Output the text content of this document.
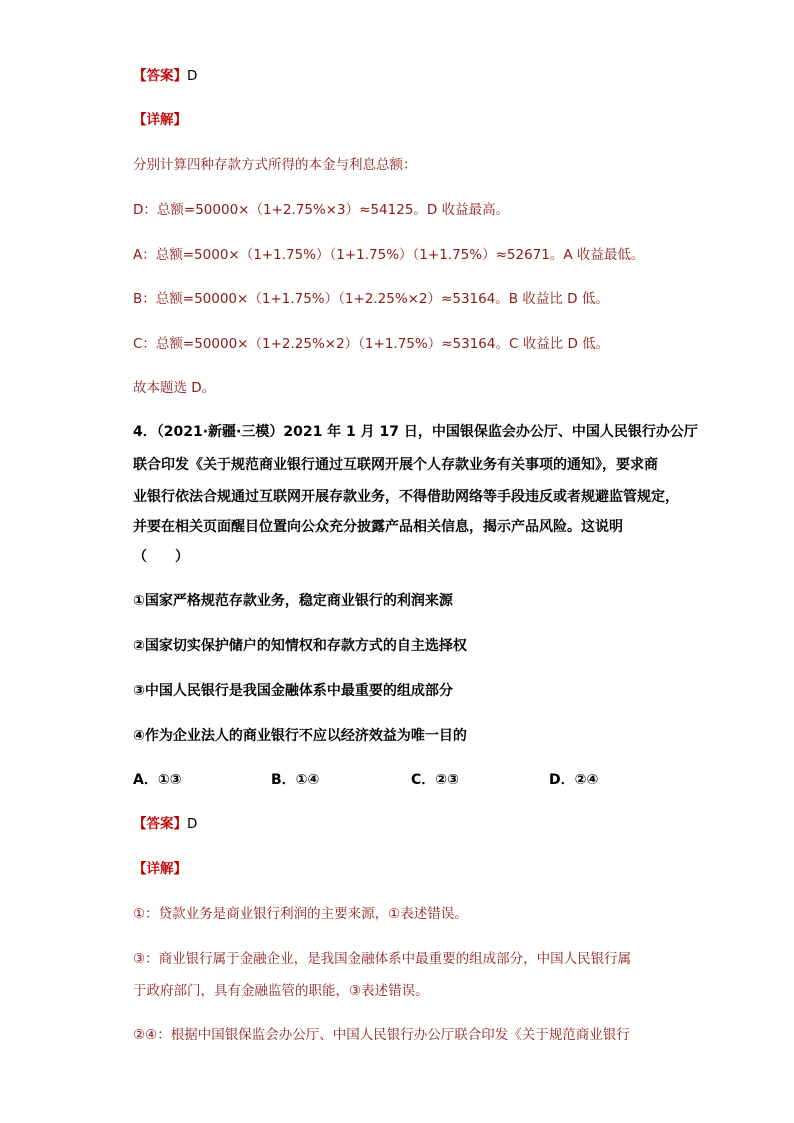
【答案】D
【详解】
分别计算四种存款方式所得的本金与利息总额：
D：总额=50000×（1+2.75%×3）≈54125。D 收益最高。
A：总额=5000×（1+1.75%）（1+1.75%）（1+1.75%）≈52671。A 收益最低。
B：总额=50000×（1+1.75%）（1+2.25%×2）≈53164。B 收益比 D 低。
C：总额=50000×（1+2.25%×2）（1+1.75%）≈53164。C 收益比 D 低。
故本题选 D。
4．（2021·新疆·三模）2021 年 1 月 17 日，中国银保监会办公厅、中国人民银行办公厅
联合印发《关于规范商业银行通过互联网开展个人存款业务有关事项的通知》，要求商
业银行依法合规通过互联网开展存款业务，不得借助网络等手段违反或者规避监管规定，
并要在相关页面醒目位置向公众充分披露产品相关信息，揭示产品风险。这说明
（　　）
①国家严格规范存款业务，稳定商业银行的利润来源
②国家切实保护储户的知情权和存款方式的自主选择权
③中国人民银行是我国金融体系中最重要的组成部分
④作为企业法人的商业银行不应以经济效益为唯一目的
A．①③	B．①④	C．②③	D．②④
【答案】D
【详解】
①：贷款业务是商业银行利润的主要来源，①表述错误。
③：商业银行属于金融企业，是我国金融体系中最重要的组成部分，中国人民银行属
于政府部门，具有金融监管的职能，③表述错误。
②④：根据中国银保监会办公厅、中国人民银行办公厅联合印发《关于规范商业银行
